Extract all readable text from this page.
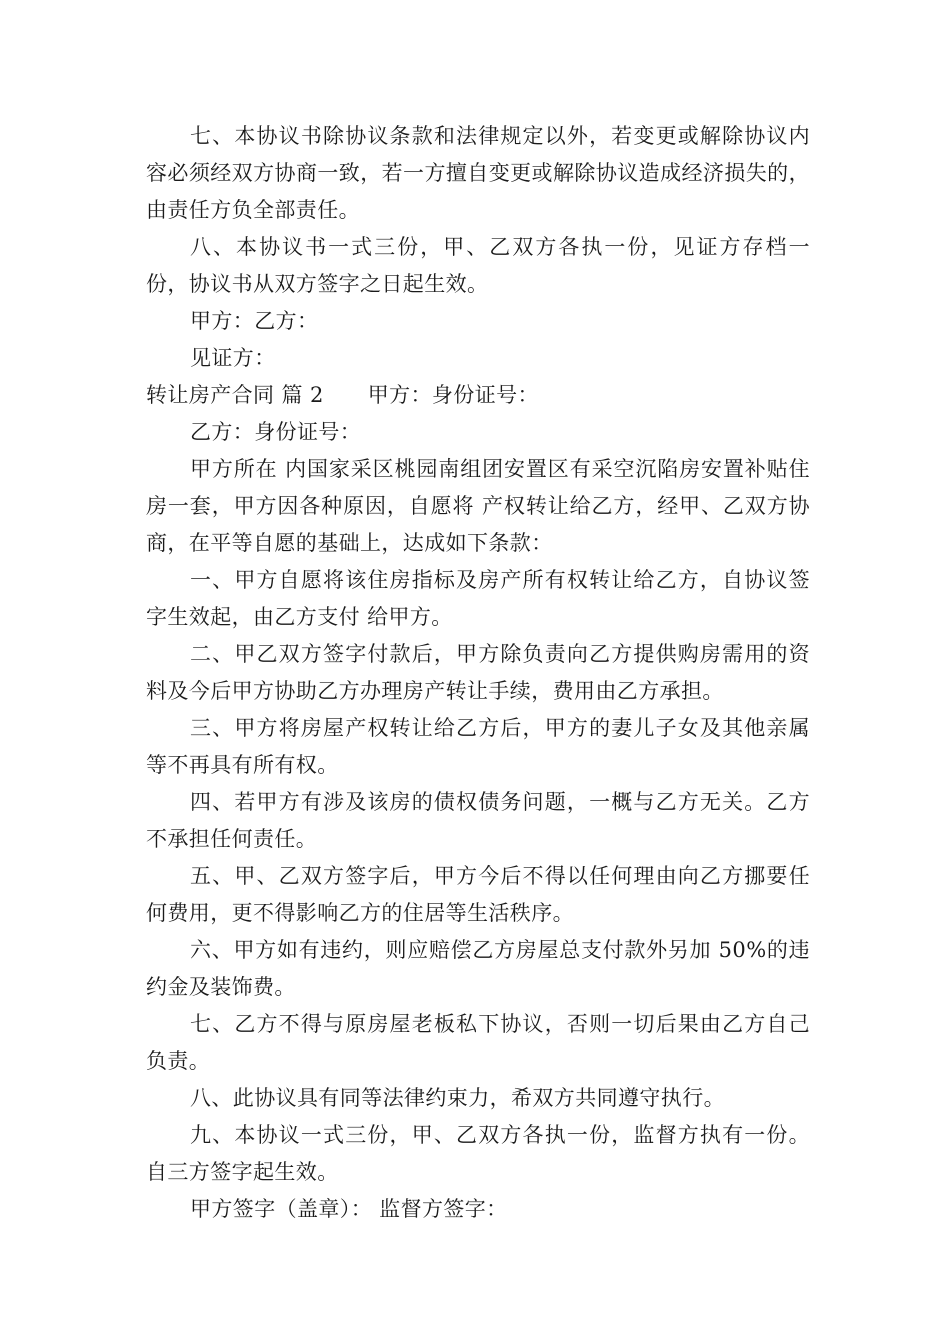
七、本协议书除协议条款和法律规定以外，若变更或解除协议内容必须经双方协商一致，若一方擅自变更或解除协议造成经济损失的，由责任方负全部责任。

八、本协议书一式三份，甲、乙双方各执一份，见证方存档一份，协议书从双方签字之日起生效。

甲方：乙方：

见证方：

转让房产合同 篇 2 甲方：身份证号：

乙方：身份证号：

甲方所在 内国家采区桃园南组团安置区有采空沉陷房安置补贴住房一套，甲方因各种原因，自愿将 产权转让给乙方，经甲、乙双方协商，在平等自愿的基础上，达成如下条款：

一、甲方自愿将该住房指标及房产所有权转让给乙方，自协议签字生效起，由乙方支付 给甲方。

二、甲乙双方签字付款后，甲方除负责向乙方提供购房需用的资料及今后甲方协助乙方办理房产转让手续，费用由乙方承担。

三、甲方将房屋产权转让给乙方后，甲方的妻儿子女及其他亲属等不再具有所有权。

四、若甲方有涉及该房的债权债务问题，一概与乙方无关。乙方不承担任何责任。

五、甲、乙双方签字后，甲方今后不得以任何理由向乙方挪要任何费用，更不得影响乙方的住居等生活秩序。

六、甲方如有违约，则应赔偿乙方房屋总支付款外另加 50%的违约金及装饰费。

七、乙方不得与原房屋老板私下协议，否则一切后果由乙方自己负责。

八、此协议具有同等法律约束力，希双方共同遵守执行。

九、本协议一式三份，甲、乙双方各执一份，监督方执有一份。自三方签字起生效。

甲方签字（盖章）： 监督方签字：
